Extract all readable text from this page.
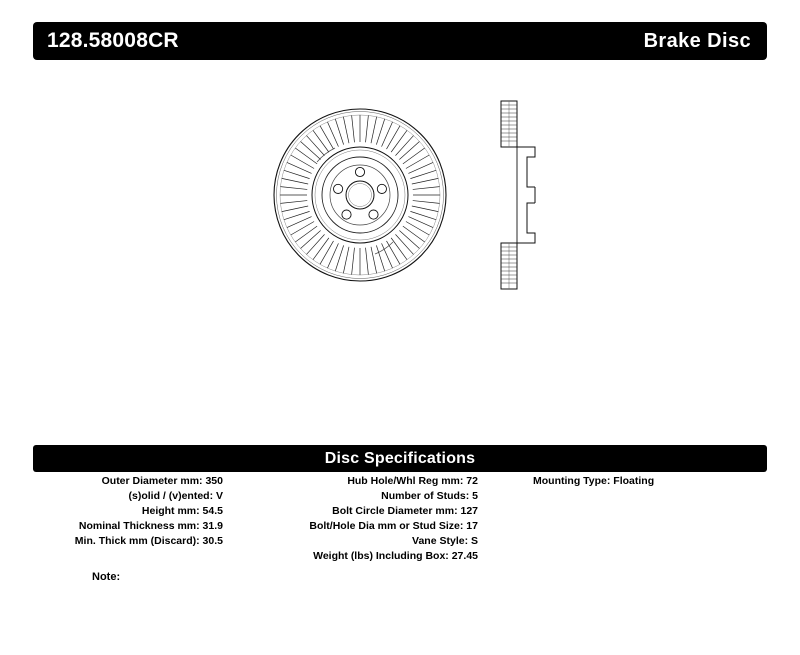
128.58008CR	Brake Disc
Disc Specifications
Outer Diameter mm: 350
(s)olid / (v)ented: V
Height mm: 54.5
Nominal Thickness mm: 31.9
Min. Thick mm (Discard): 30.5
Hub Hole/Whl Reg mm: 72
Number of Studs: 5
Bolt Circle Diameter mm: 127
Bolt/Hole Dia mm or Stud Size: 17
Vane Style: S
Weight (lbs) Including Box: 27.45
Mounting Type: Floating
Note:
